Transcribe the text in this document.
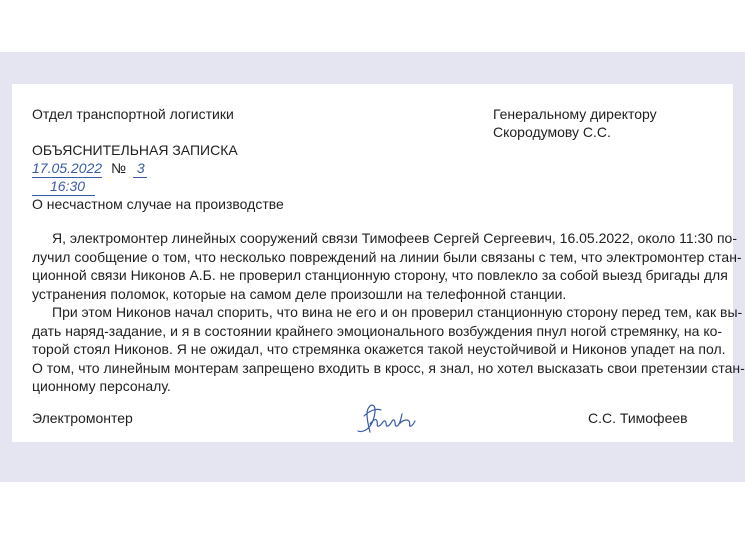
Отдел транспортной логистики	Генеральному директору
Скородумову С.С.
ОБЪЯСНИТЕЛЬНАЯ ЗАПИСКА
17.05.2022 № 3
16:30
О несчастном случае на производстве
Я, электромонтер линейных сооружений связи Тимофеев Сергей Сергеевич, 16.05.2022, около 11:30 по-
лучил сообщение о том, что несколько повреждений на линии были связаны с тем, что электромонтер стан-
ционной связи Никонов А.Б. не проверил станционную сторону, что повлекло за собой выезд бригады для
устранения поломок, которые на самом деле произошли на телефонной станции.
При этом Никонов начал спорить, что вина не его и он проверил станционную сторону перед тем, как вы-
дать наряд-задание, и я в состоянии крайнего эмоционального возбуждения пнул ногой стремянку, на ко-
торой стоял Никонов. Я не ожидал, что стремянка окажется такой неустойчивой и Никонов упадет на пол.
О том, что линейным монтерам запрещено входить в кросс, я знал, но хотел высказать свои претензии стан-
ционному персоналу.
Электромонтер	С.С. Тимофеев
